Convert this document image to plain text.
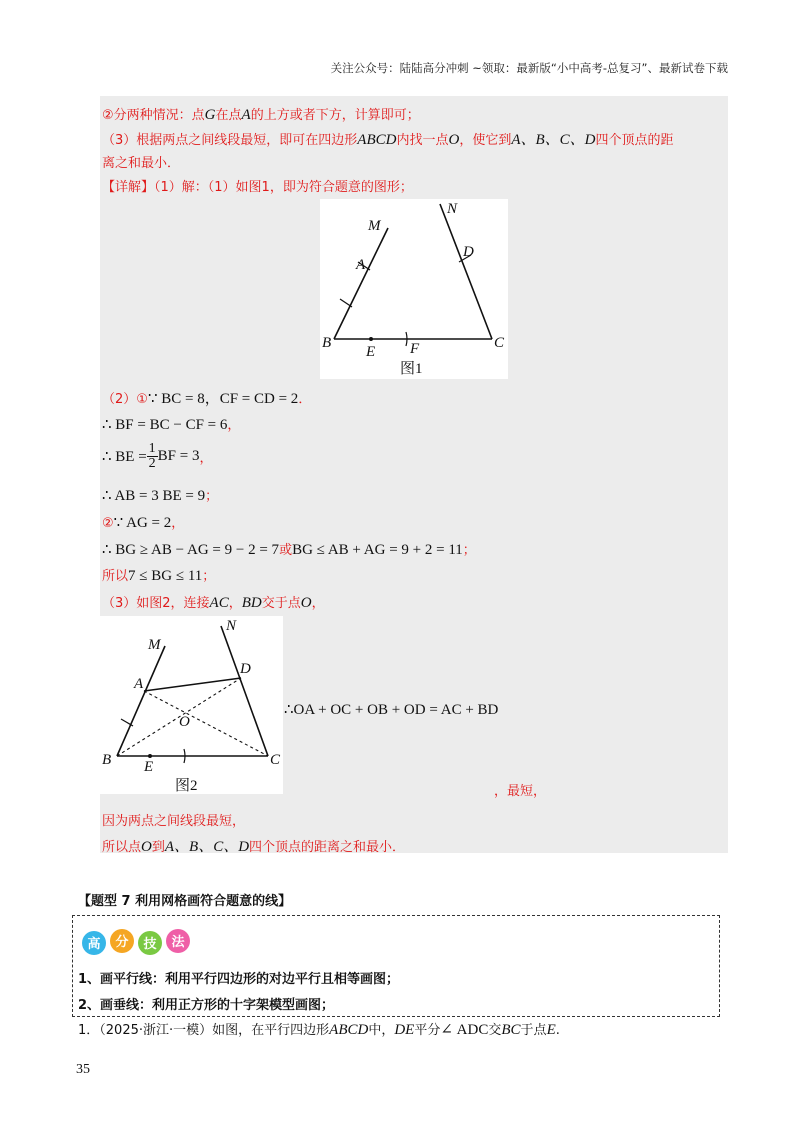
关注公众号：陆陆高分冲刺 ~领取：最新版“小中高考-总复习”、最新试卷下载
②分两种情况：点G在点A的上方或者下方，计算即可；
（3）根据两点之间线段最短，即可在四边形ABCD内找一点O，使它到A、B、C、D四个顶点的距
离之和最小．
【详解】（1）解：（1）如图1，即为符合题意的图形；
M
N
A
D
B
E F	C
图1
（2）①∵ BC = 8，CF = CD = 2．
∴ BF = BC − CF = 6，
∴ BE = $\frac{1}{2}$ BF = 3 ，
∴ AB = 3 BE = 9；
②∵ AG = 2，
∴ BG ≥ AB − AG = 9 − 2 = 7或BG ≤ AB + AG = 9 + 2 = 11；
所以7 ≤ BG ≤ 11；
（3）如图2，连接AC，BD交于点O，
M
N
A
D
O
B E	C
图2
∴OA + OC + OB + OD = AC + BD
，最短，
因为两点之间线段最短，
所以点O到A、B、C、D四个顶点的距离之和最小．
【题型 7 利用网格画符合题意的线】
高 分 技 法
1、画平行线：利用平行四边形的对边平行且相等画图；
2、画垂线：利用正方形的十字架模型画图；
1．（2025·浙江·一模）如图，在平行四边形ABCD中，DE平分∠ ADC交BC于点E.
35
